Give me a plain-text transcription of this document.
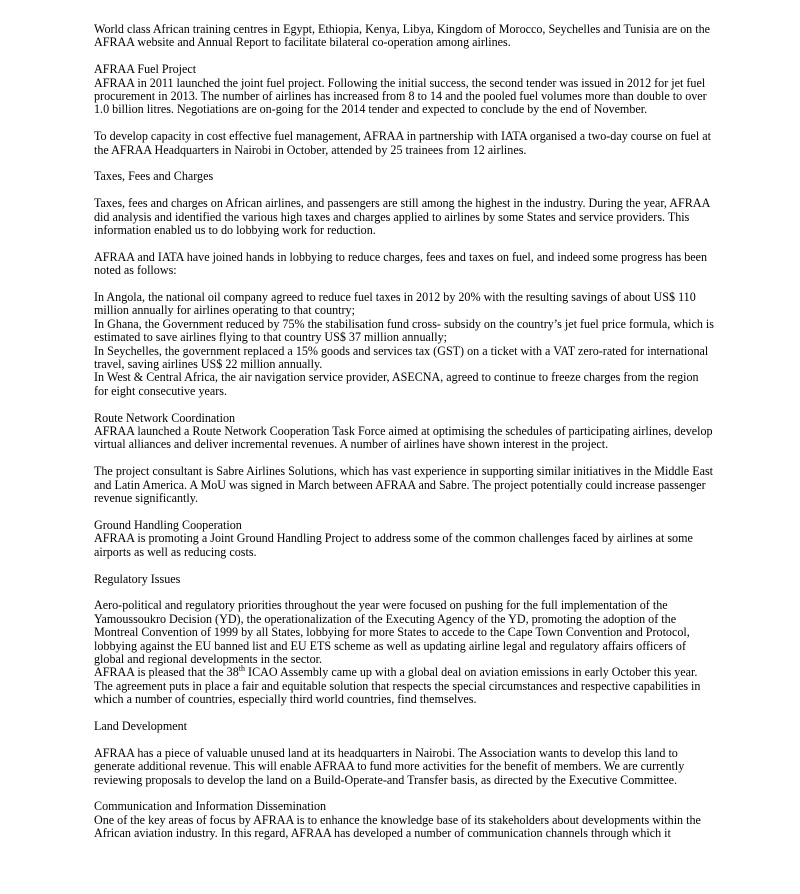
World class African training centres in Egypt, Ethiopia, Kenya, Libya, Kingdom of Morocco, Seychelles and Tunisia are on the AFRAA website and Annual Report to facilitate bilateral co-operation among airlines.

AFRAA Fuel Project

AFRAA in 2011 launched the joint fuel project. Following the initial success, the second tender was issued in 2012 for jet fuel procurement in 2013. The number of airlines has increased from 8 to 14 and the pooled fuel volumes more than double to over 1.0 billion litres. Negotiations are on-going for the 2014 tender and expected to conclude by the end of November.

To develop capacity in cost effective fuel management, AFRAA in partnership with IATA organised a two-day course on fuel at the AFRAA Headquarters in Nairobi in October, attended by 25 trainees from 12 airlines.

Taxes, Fees and Charges

Taxes, fees and charges on African airlines, and passengers are still among the highest in the industry. During the year, AFRAA did analysis and identified the various high taxes and charges applied to airlines by some States and service providers. This information enabled us to do lobbying work for reduction.

AFRAA and IATA have joined hands in lobbying to reduce charges, fees and taxes on fuel, and indeed some progress has been noted as follows:

In Angola, the national oil company agreed to reduce fuel taxes in 2012 by 20% with the resulting savings of about US$ 110 million annually for airlines operating to that country;

In Ghana, the Government reduced by 75% the stabilisation fund cross- subsidy on the country’s jet fuel price formula, which is estimated to save airlines flying to that country US$ 37 million annually;

In Seychelles, the government replaced a 15% goods and services tax (GST) on a ticket with a VAT zero-rated for international travel, saving airlines US$ 22 million annually.

In West & Central Africa, the air navigation service provider, ASECNA, agreed to continue to freeze charges from the region for eight consecutive years.

Route Network Coordination

AFRAA launched a Route Network Cooperation Task Force aimed at optimising the schedules of participating airlines, develop virtual alliances and deliver incremental revenues. A number of airlines have shown interest in the project.

The project consultant is Sabre Airlines Solutions, which has vast experience in supporting similar initiatives in the Middle East and Latin America. A MoU was signed in March between AFRAA and Sabre. The project potentially could increase passenger revenue significantly.

Ground Handling Cooperation

AFRAA is promoting a Joint Ground Handling Project to address some of the common challenges faced by airlines at some airports as well as reducing costs.

Regulatory Issues

Aero-political and regulatory priorities throughout the year were focused on pushing for the full implementation of the Yamoussoukro Decision (YD), the operationalization of the Executing Agency of the YD, promoting the adoption of the Montreal Convention of 1999 by all States, lobbying for more States to accede to the Cape Town Convention and Protocol, lobbying against the EU banned list and EU ETS scheme as well as updating airline legal and regulatory affairs officers of global and regional developments in the sector.

AFRAA is pleased that the 38th ICAO Assembly came up with a global deal on aviation emissions in early October this year. The agreement puts in place a fair and equitable solution that respects the special circumstances and respective capabilities in which a number of countries, especially third world countries, find themselves.

Land Development

AFRAA has a piece of valuable unused land at its headquarters in Nairobi. The Association wants to develop this land to generate additional revenue. This will enable AFRAA to fund more activities for the benefit of members. We are currently reviewing proposals to develop the land on a Build-Operate-and Transfer basis, as directed by the Executive Committee.

Communication and Information Dissemination

One of the key areas of focus by AFRAA is to enhance the knowledge base of its stakeholders about developments within the African aviation industry. In this regard, AFRAA has developed a number of communication channels through which it
